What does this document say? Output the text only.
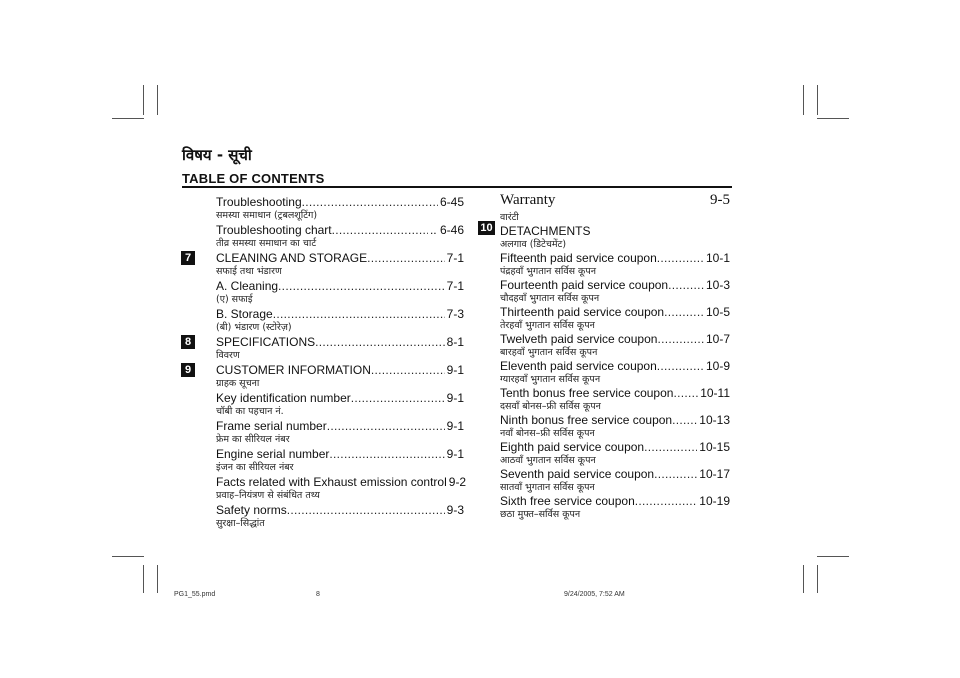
विषय - सूची
TABLE OF CONTENTS
Troubleshooting .....	6-45
समस्या समाधान (ट्रबलशूटिंग)
Troubleshooting chart .....	.. 6-46
तीव्र समस्या समाधान का चार्ट
7	CLEANING AND STORAGE .....	7-1
सफाई तथा भंडारण
A. Cleaning .....	7-1
(ए) सफाई
B. Storage .....	7-3
(बी) भंडारण (स्टोरेज़)
8	SPECIFICATIONS .....	8-1
विवरण
9	CUSTOMER INFORMATION .....	9-1
ग्राहक सूचना
Key identification number .....	9-1
चॉबी का पहचान नं.
Frame serial number .....	9-1
फ्रेम का सीरियल नंबर
Engine serial number .....	9-1
इंजन का सीरियल नंबर
Facts related with Exhaust emission control 9-2
प्रवाह–नियंत्रण से संबंधित तथ्य
Safety norms .....	9-3
सुरक्षा–सिद्धांत
Warranty	9-5
वारंटी
10 DETACHMENTS
अलगाव (डिटेचमेंट)
Fifteenth paid service coupon .....	10-1
पंद्रहवाँ भुगतान सर्विस कूपन
Fourteenth paid service coupon .....	10-3
चौदहवाँ भुगतान सर्विस कूपन
Thirteenth paid service coupon .....	10-5
तेरहवाँ भुगतान सर्विस कूपन
Twelveth paid service coupon .....	10-7
बारहवाँ भुगतान सर्विस कूपन
Eleventh paid service coupon .....	10-9
ग्यारहवाँ भुगतान सर्विस कूपन
Tenth bonus free service coupon ..... 10-11
दसवाँ बोनस–फ्री सर्विस कूपन
Ninth bonus free service coupon ..... 10-13
नवाँ बोनस–फ्री सर्विस कूपन
Eighth paid service coupon .....	10-15
आठवाँ भुगतान सर्विस कूपन
Seventh paid service coupon .....	10-17
सातवाँ भुगतान सर्विस कूपन
Sixth free service coupon .....	10-19
छठा मुफ्त–सर्विस कूपन
PG1_55.pmd	8	9/24/2005, 7:52 AM
